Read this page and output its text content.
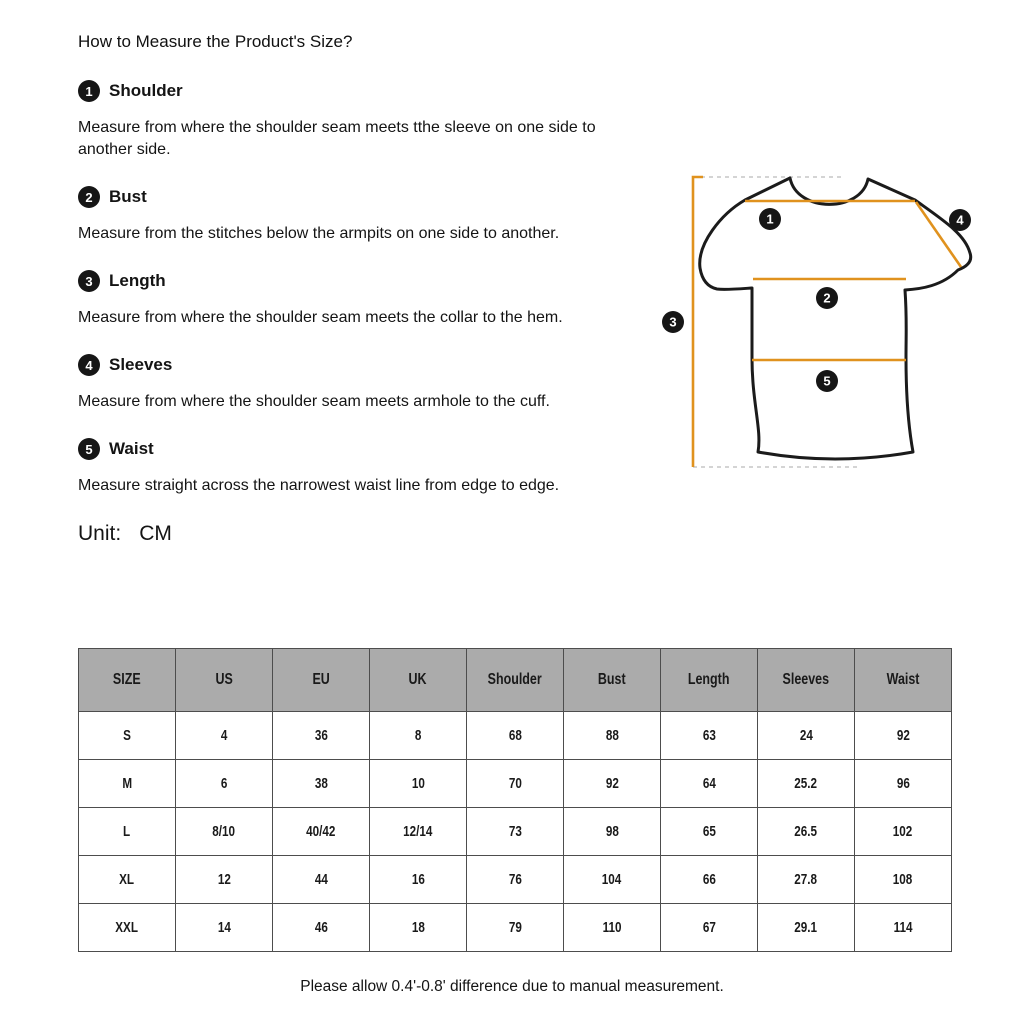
How to Measure the Product's Size?
1 Shoulder
Measure from where the shoulder seam meets tthe sleeve on one side to another side.
2 Bust
Measure from the stitches below the armpits on one side to another.
3 Length
Measure from where the shoulder seam meets the collar to the hem.
4 Sleeves
Measure from where the shoulder seam meets armhole to the cuff.
5 Waist
Measure straight across the narrowest waist line from edge to edge.
Unit: CM
1
2
3
4
5
SIZE	US	EU	UK	Shoulder	Bust	Length	Sleeves	Waist
S	4	36	8	68	88	63	24	92
M	6	38	10	70	92	64	25.2	96
L	8/10	40/42	12/14	73	98	65	26.5	102
XL	12	44	16	76	104	66	27.8	108
XXL	14	46	18	79	110	67	29.1	114
Please allow 0.4'-0.8' difference due to manual measurement.
